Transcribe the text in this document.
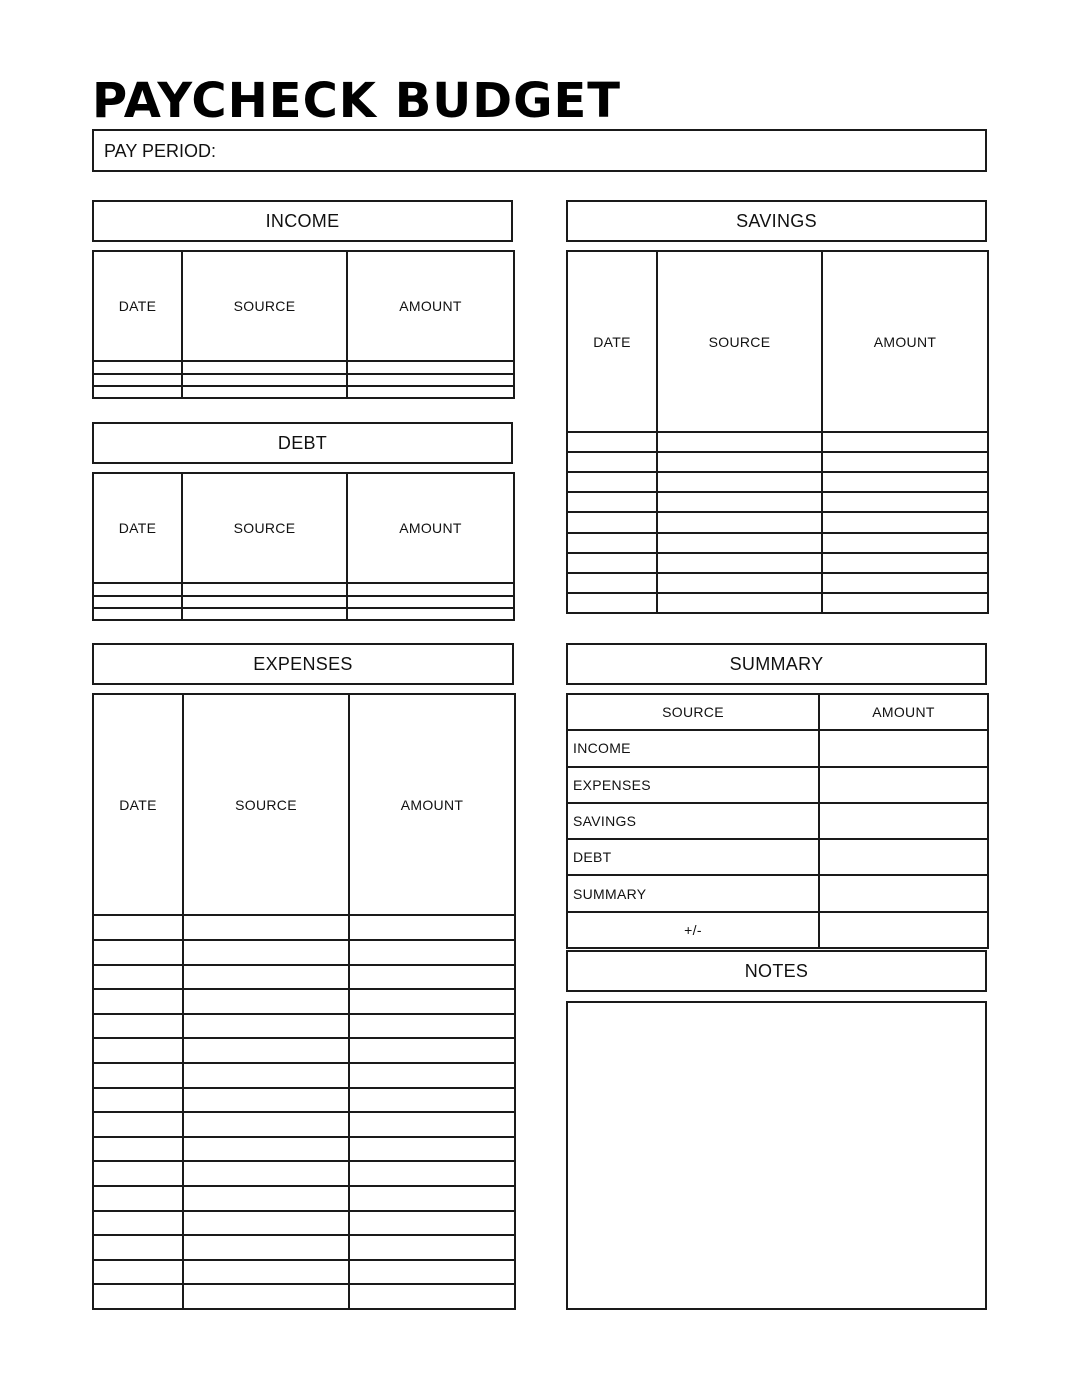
PAYCHECK BUDGET
PAY PERIOD:
INCOME
DATE	SOURCE	AMOUNT

DEBT
DATE	SOURCE	AMOUNT

EXPENSES
DATE	SOURCE	AMOUNT

SAVINGS
DATE	SOURCE	AMOUNT

SUMMARY
SOURCE	AMOUNT
INCOME	
EXPENSES	
SAVINGS	
DEBT	
SUMMARY	
+/-	
NOTES
